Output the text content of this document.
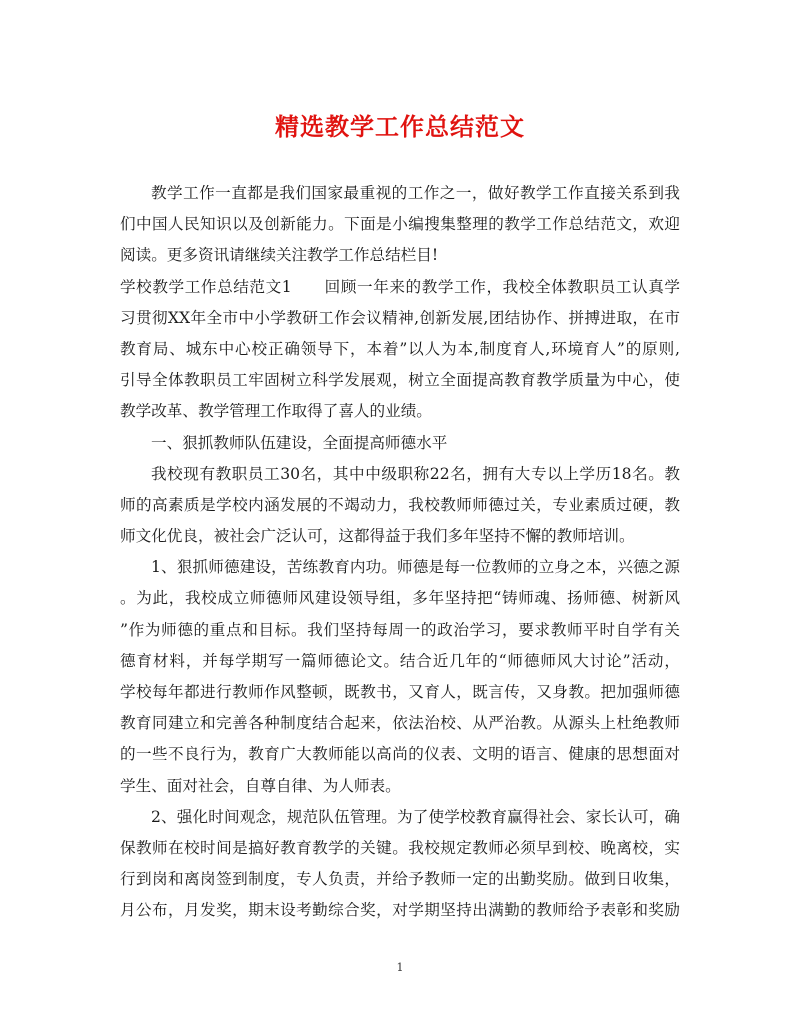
精选教学工作总结范文
教学工作一直都是我们国家最重视的工作之一，做好教学工作直接关系到我
们中国人民知识以及创新能力。下面是小编搜集整理的教学工作总结范文，欢迎
阅读。更多资讯请继续关注教学工作总结栏目!
学校教学工作总结范文1　　回顾一年来的教学工作，我校全体教职员工认真学
习贯彻XX年全市中小学教研工作会议精神,创新发展,团结协作、拼搏进取，在市
教育局、城东中心校正确领导下，本着”以人为本,制度育人,环境育人”的原则,
引导全体教职员工牢固树立科学发展观，树立全面提高教育教学质量为中心，使
教学改革、教学管理工作取得了喜人的业绩。
一、狠抓教师队伍建设，全面提高师德水平
我校现有教职员工30名，其中中级职称22名，拥有大专以上学历18名。教
师的高素质是学校内涵发展的不竭动力，我校教师师德过关，专业素质过硬，教
师文化优良，被社会广泛认可，这都得益于我们多年坚持不懈的教师培训。
1、狠抓师德建设，苦练教育内功。师德是每一位教师的立身之本，兴德之源
。为此，我校成立师德师风建设领导组，多年坚持把“铸师魂、扬师德、树新风
”作为师德的重点和目标。我们坚持每周一的政治学习，要求教师平时自学有关
德育材料，并每学期写一篇师德论文。结合近几年的“师德师风大讨论”活动，
学校每年都进行教师作风整顿，既教书，又育人，既言传，又身教。把加强师德
教育同建立和完善各种制度结合起来，依法治校、从严治教。从源头上杜绝教师
的一些不良行为，教育广大教师能以高尚的仪表、文明的语言、健康的思想面对
学生、面对社会，自尊自律、为人师表。
2、强化时间观念，规范队伍管理。为了使学校教育赢得社会、家长认可，确
保教师在校时间是搞好教育教学的关键。我校规定教师必须早到校、晚离校，实
行到岗和离岗签到制度，专人负责，并给予教师一定的出勤奖励。做到日收集，
月公布，月发奖，期末设考勤综合奖，对学期坚持出满勤的教师给予表彰和奖励
1
